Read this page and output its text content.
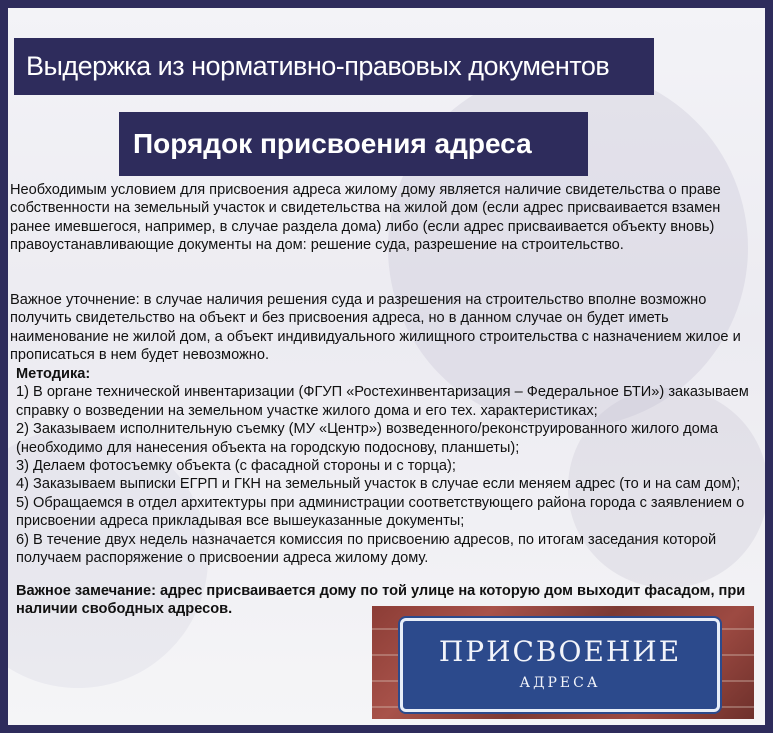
Выдержка из нормативно-правовых документов
Порядок присвоения адреса

Необходимым условием для присвоения адреса жилому дому является наличие свидетельства о праве собственности на земельный участок и свидетельства на жилой дом (если адрес присваивается взамен ранее имевшегося, например, в случае раздела дома) либо (если адрес присваивается объекту вновь) правоустанавливающие документы на дом: решение суда, разрешение на строительство.

Важное уточнение: в случае наличия решения суда и разрешения на строительство вполне возможно получить свидетельство на объект и без присвоения адреса, но в данном случае он будет иметь наименование не жилой дом, а объект индивидуального жилищного строительства с назначением жилое и прописаться в нем будет невозможно.

Методика:
1) В органе технической инвентаризации (ФГУП «Ростехинвентаризация – Федеральное БТИ») заказываем справку о возведении на земельном участке жилого дома и его тех. характеристиках;
2) Заказываем исполнительную съемку (МУ «Центр») возведенного/реконструированного жилого дома (необходимо для нанесения объекта на городскую подоснову, планшеты);
3) Делаем фотосъемку объекта (с фасадной стороны и с торца);
4) Заказываем выписки ЕГРП и ГКН на земельный участок в случае если меняем адрес (то и на сам дом);
5) Обращаемся в отдел архитектуры при администрации соответствующего района города с заявлением о присвоении адреса прикладывая все вышеуказанные документы;
6) В течение двух недель назначается комиссия по присвоению адресов, по итогам заседания которой получаем распоряжение о присвоении адреса жилому дому.
Важное замечание: адрес присваивается дому по той улице на которую дом выходит фасадом, при наличии свободных адресов.
ПРИСВОЕНИЕ
АДРЕСА
